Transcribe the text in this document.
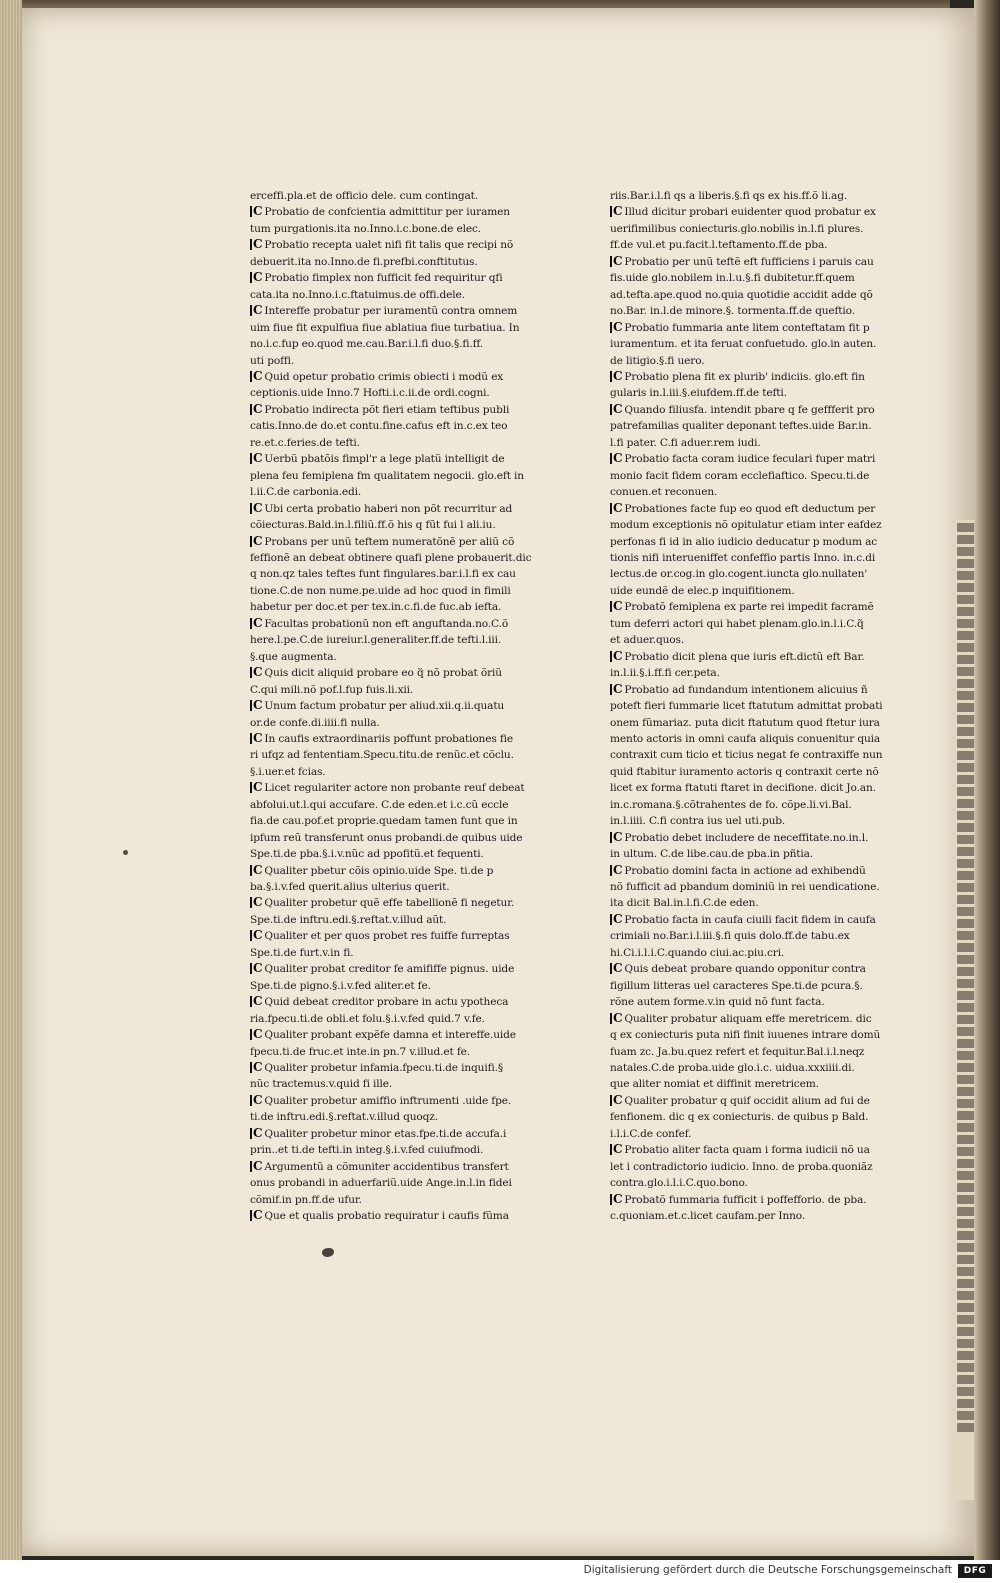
erceffi.pla.et de officio dele. cum contingat.

C Probatio de confcientia admittitur per iuramen

tum purgationis.ita no.Inno.i.c.bone.de elec.

C Probatio recepta ualet nifi fit talis que recipi nõ

debuerit.ita no.Inno.de fi.prefbi.conftitutus.

C Probatio fimplex non fufficit fed requiritur qfi

cata.ita no.Inno.i.c.ftatuimus.de offi.dele.

C Intereffe probatur per iuramentũ contra omnem

uim fiue fit expulfiua fiue ablatiua fiue turbatiua. In

no.i.c.fup eo.quod me.cau.Bar.i.l.fi duo.§.fi.ff.

uti poffi.

C Quid opetur probatio crimis obiecti i modũ ex

ceptionis.uide Inno.7 Hofti.i.c.ii.de ordi.cogni.

C Probatio indirecta põt fieri etiam teftibus publi

catis.Inno.de do.et contu.fine.cafus eft in.c.ex teo

re.et.c.feries.de tefti.

C Uerbũ pbatõis fimpl'r a lege platũ intelligit de

plena feu femiplena fm qualitatem negocii. glo.eft in

l.ii.C.de carbonia.edi.

C Ubi certa probatio haberi non põt recurritur ad

cõiecturas.Bald.in.l.filiũ.ff.õ his q fũt fui l ali.iu.

C Probans per unũ teftem numeratõnẽ per aliũ cõ

feffionẽ an debeat obtinere quafi plene probauerit.dic

q non.qz tales teftes funt fingulares.bar.i.l.fi ex cau

tione.C.de non nume.pe.uide ad hoc quod in fimili

habetur per doc.et per tex.in.c.fi.de fuc.ab ieftа.

C Facultas probationũ non eft anguftanda.no.C.õ

here.l.pe.C.de iureiur.l.generaliter.ff.de tefti.l.iii.

§.que augmenta.

C Quis dicit aliquid probare eo q̃ nõ probat õriũ

C.qui mili.nõ pof.l.fup fuis.li.xii.

C Unum factum probatur per aliud.xii.q.ii.quatu

or.de confe.di.iiii.fi nulla.

C In caufis extraordinariis poffunt probationes fie

ri ufqz ad fententiam.Specu.titu.de renũc.et cõclu.

§.i.uer.et fcias.

C Licet regulariter actore non probante reuf debeat

abfolui.ut.l.qui accufare. C.de eden.et i.c.cũ eccle

fia.de cau.pof.et proprie.quedam tamen funt que in

ipfum reũ transferunt onus probandi.de quibus uide

Spe.ti.de pba.§.i.v.nũc ad ppofitũ.et fequenti.

C Qualiter pbetur cõis opinio.uide Spe. ti.de p

ba.§.i.v.fed querit.alius ulterius querit.

C Qualiter probetur quẽ effe tabellionẽ fi negetur.

Spe.ti.de inftru.edi.§.reftat.v.illud aũt.

C Qualiter et per quos probet res fuiffe furreptas

Spe.ti.de furt.v.in fi.

C Qualiter probat creditor fe amififfe pignus. uide

Spe.ti.de pigno.§.i.v.fed aliter.et fe.

C Quid debeat creditor probare in actu ypotheca

ria.fpecu.ti.de obli.et folu.§.i.v.fed quid.7 v.fe.

C Qualiter probant expẽfe damna et intereffe.uide

fpecu.ti.de fruc.et inte.in pn.7 v.illud.et fe.

C Qualiter probetur infamia.fpecu.ti.de inquifi.§

nũc tractemus.v.quid fi ille.

C Qualiter probetur amiffio inftrumenti .uide fpe.

ti.de inftru.edi.§.reftat.v.illud quoqz.

C Qualiter probetur minor etas.fpe.ti.de accufa.i

prin..et ti.de tefti.in integ.§.i.v.fed cuiufmodi.

C Argumentũ a cõmuniter accidentibus transfert

onus probandi in aduerfariũ.uide Ange.in.l.in fidei

cõmif.in pn.ff.de ufur.

C Que et qualis probatio requiratur i caufis fũma

riis.Bar.i.l.fi qs a liberis.§.fi qs ex his.ff.õ li.ag.

C Illud dicitur probari euidenter quod probatur ex

uerifimilibus coniecturis.glo.nobilis in.l.fi plures.

ff.de vul.et pu.facit.l.teftamento.ff.de pba.

C Probatio per unũ teftẽ eft fufficiens i paruis cau

fis.uide glo.nobilem in.l.u.§.fi dubitetur.ff.quem

ad.tefta.ape.quod no.quia quotidie accidit adde qõ

no.Bar. in.l.de minore.§. tormenta.ff.de queftio.

C Probatio fummaria ante litem conteftatam fit p

iuramentum. et ita feruat confuetudo. glo.in auten.

de litigio.§.fi uero.

C Probatio plena fit ex plurib' indiciis. glo.eft fin

gularis in.l.iii.§.eiufdem.ff.de tefti.

C Quando filiusfa. intendit pbare q fe geffferit pro

patrefamilias qualiter deponant teftes.uide Bar.in.

l.fi pater. C.fi aduer.rem iudi.

C Probatio facta coram iudice feculari fuper matri

monio facit fidem coram ecclefiaftico. Specu.ti.de

conuen.et reconuen.

C Probationes facte fup eo quod eft deductum per

modum exceptionis nõ opitulatur etiam inter eafdez

perfonas fi id in alio iudicio deducatur p modum ac

tionis nifi interueniffet confeffio partis Inno. in.c.di

lectus.de or.cog.in glo.cogent.iuncta glo.nullaten'

uide eundẽ de elec.p inquifitionem.

C Probatõ femiplena ex parte rei impedit facramẽ

tum deferri actori qui habet plenam.glo.in.l.i.C.q̃

et aduer.quos.

C Probatio dicit plena que iuris eft.dictũ eft Bar.

in.l.ii.§.i.ff.fi cer.peta.

C Probatio ad fundandum intentionem alicuius ñ

poteft fieri fummarie licet ftatutum admittat probati

onem fũmariaz. puta dicit ftatutum quod ftetur iura

mento actoris in omni caufa aliquis conuenitur quia

contraxit cum ticio et ticius negat fe contraxiffe nun

quid ftabitur iuramento actoris q contraxit certe nõ

licet ex forma ftatuti ftaret in decifione. dicit Jo.an.

in.c.romana.§.cõtrahentes de fo. cõpe.li.vi.Bal.

in.l.iiii. C.fi contra ius uel uti.pub.

C Probatio debet includere de neceffitate.no.in.l.

in ultum. C.de libe.cau.de pba.in pñtia.

C Probatio domini facta in actione ad exhibendũ

nõ fufficit ad pbandum dominiũ in rei uendicatione.

ita dicit Bal.in.l.fi.C.de eden.

C Probatio facta in caufa ciuili facit fidem in caufa

crimiali no.Bar.i.l.iii.§.fi quis dolo.ff.de tabu.ex

hi.Ci.i.l.i.C.quando ciui.ac.piu.cri.

C Quis debeat probare quando opponitur contra

figillum litteras uel caracteres Spe.ti.de pcura.§.

rõne autem forme.v.in quid nõ funt facta.

C Qualiter probatur aliquam effe meretricem. dic

q ex coniecturis puta nifi finit iuuenes intrare domũ

fuam zc. Ja.bu.quez refert et fequitur.Bal.i.l.neqz

natales.C.de proba.uide glo.i.c. uidua.xxxiiii.di.

que aliter nomiat et diffinit meretricem.

C Qualiter probatur q quif occidit alium ad fui de

fenfionem. dic q ex coniecturis. de quibus p Bald.

i.l.i.C.de confef.

C Probatio aliter facta quam i forma iudicii nõ ua

let i contradictorio iudicio. Inno. de proba.quoniãz

contra.glo.i.l.i.C.quo.bono.

C Probatõ fummaria fufficit i poffefforio. de pba.

c.quoniam.et.c.licet caufam.per Inno.

Digitalisierung gefördert durch die Deutsche Forschungsgemeinschaft	DFG
